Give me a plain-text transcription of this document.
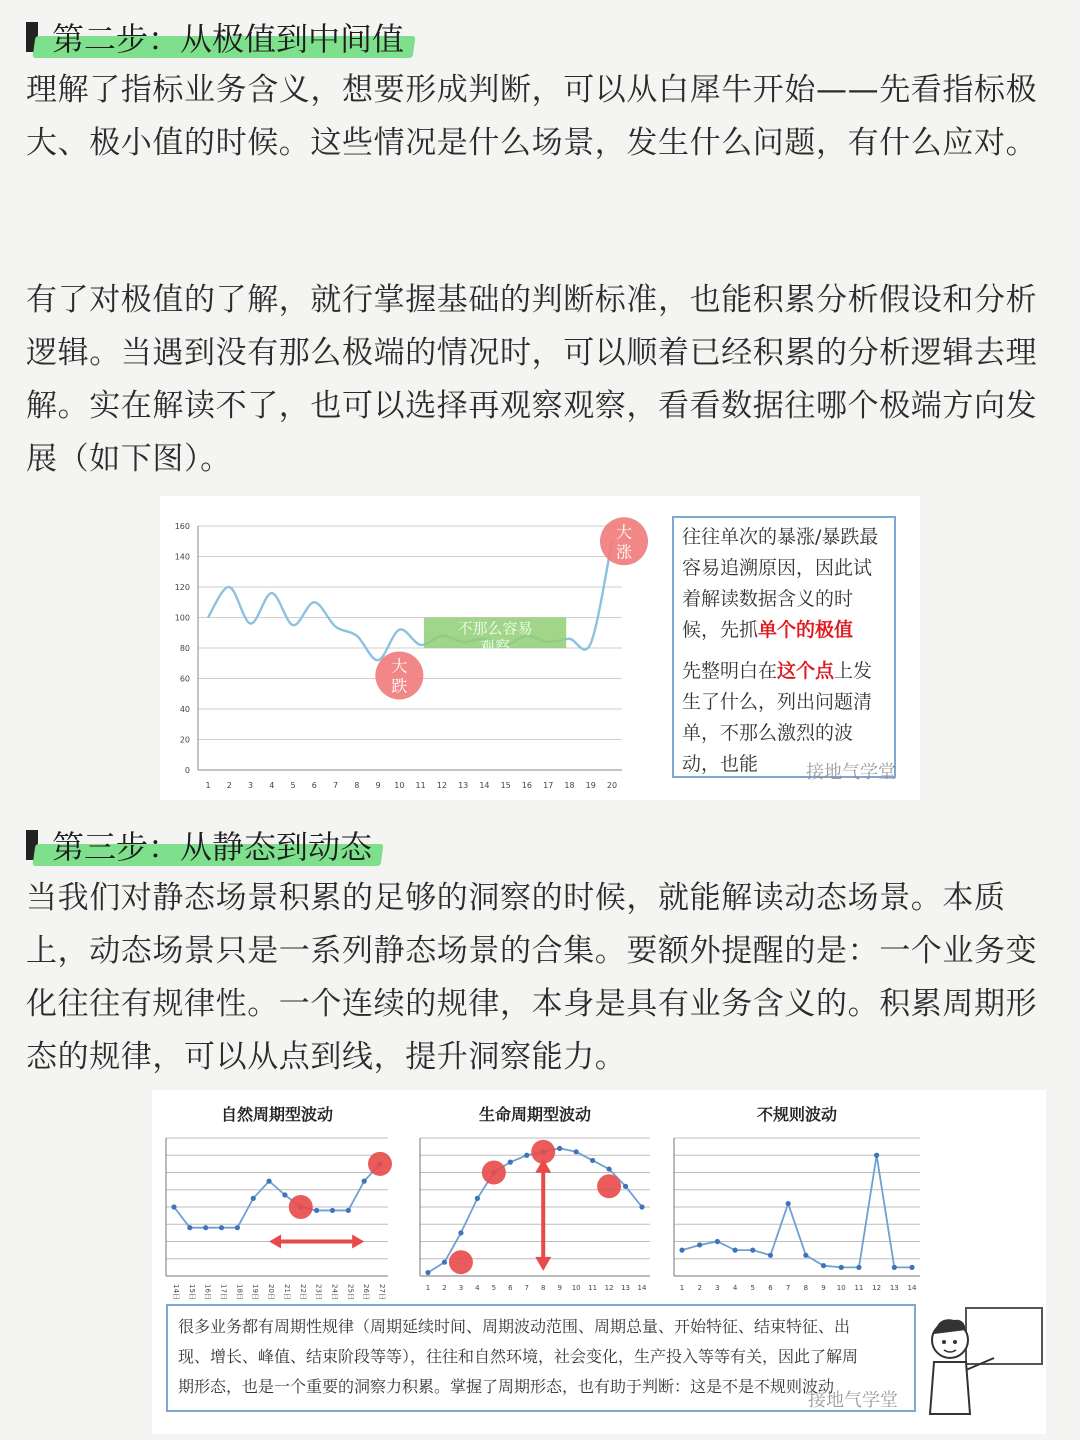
第二步：从极值到中间值

理解了指标业务含义，想要形成判断，可以从白犀牛开始——先看指标极大、极小值的时候。这些情况是什么场景，发生什么问题，有什么应对。

有了对极值的了解，就行掌握基础的判断标准，也能积累分析假设和分析逻辑。当遇到没有那么极端的情况时，可以顺着已经积累的分析逻辑去理解。实在解读不了，也可以选择再观察观察，看看数据往哪个极端方向发展（如下图）。

0
20
40
60
80
100
120
140
160
1 2 3 4 5 6 7 8 9 10 11 12 13 14 15 16 17 18 19 20
不那么容易
观察
大
跌
大
涨

往往单次的暴涨/暴跌最容易追溯原因，因此试着解读数据含义的时候，先抓单个的极值

先整明白在这个点上发生了什么，列出问题清单，不那么激烈的波动，也能	接地气学堂
第三步：从静态到动态

当我们对静态场景积累的足够的洞察的时候，就能解读动态场景。本质上，动态场景只是一系列静态场景的合集。要额外提醒的是：一个业务变化往往有规律性。一个连续的规律，本身是具有业务含义的。积累周期形态的规律，可以从点到线，提升洞察能力。

自然周期型波动
14日 15日 16日 17日 18日 19日 20日 21日 22日 23日 24日 25日 26日 27日
生命周期型波动
1 2 3 4 5 6 7 8 9 10 11 12 13 14
不规则波动
1 2 3 4 5 6 7 8 9 10 11 12 13 14

很多业务都有周期性规律（周期延续时间、周期波动范围、周期总量、开始特征、结束特征、出

现、增长、峰值、结束阶段等等），往往和自然环境，社会变化，生产投入等等有关，因此了解周

期形态，也是一个重要的洞察力积累。掌握了周期形态，也有助于判断：这是不是不规则波动

接地气学堂
